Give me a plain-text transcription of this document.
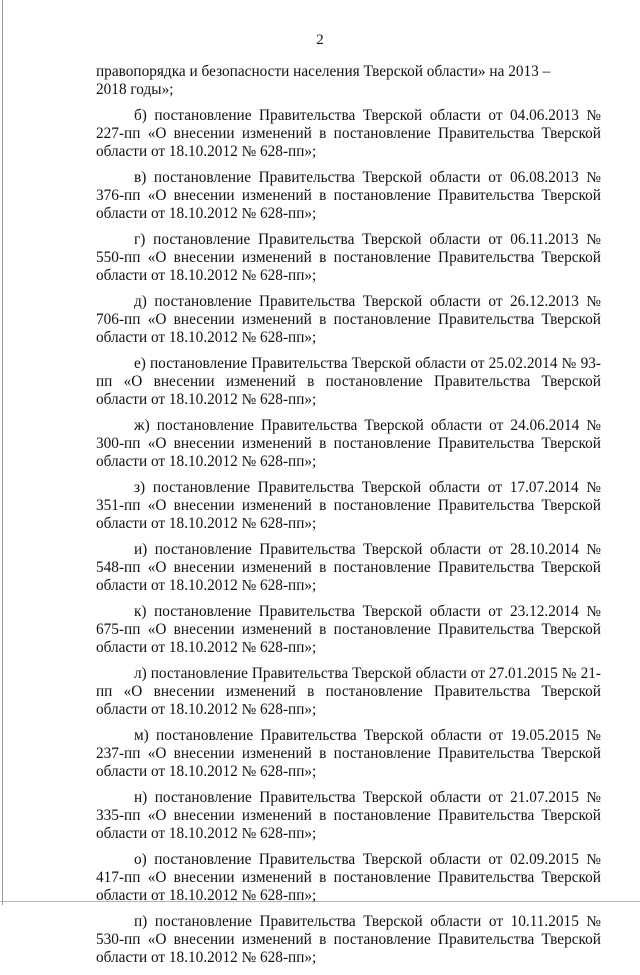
2

правопорядка и безопасности населения Тверской области» на 2013 –
2018 годы»;

б) постановление Правительства Тверской области от 04.06.2013 № 227-пп «О внесении изменений в постановление Правительства Тверской области от 18.10.2012 № 628-пп»;

в) постановление Правительства Тверской области от 06.08.2013 № 376-пп «О внесении изменений в постановление Правительства Тверской области от 18.10.2012 № 628-пп»;

г) постановление Правительства Тверской области от 06.11.2013 № 550-пп «О внесении изменений в постановление Правительства Тверской области от 18.10.2012 № 628-пп»;

д) постановление Правительства Тверской области от 26.12.2013 № 706-пп «О внесении изменений в постановление Правительства Тверской области от 18.10.2012 № 628-пп»;

е) постановление Правительства Тверской области от 25.02.2014 № 93-пп «О внесении изменений в постановление Правительства Тверской области от 18.10.2012 № 628-пп»;

ж) постановление Правительства Тверской области от 24.06.2014 № 300-пп «О внесении изменений в постановление Правительства Тверской области от 18.10.2012 № 628-пп»;

з) постановление Правительства Тверской области от 17.07.2014 № 351-пп «О внесении изменений в постановление Правительства Тверской области от 18.10.2012 № 628-пп»;

и) постановление Правительства Тверской области от 28.10.2014 № 548-пп «О внесении изменений в постановление Правительства Тверской области от 18.10.2012 № 628-пп»;

к) постановление Правительства Тверской области от 23.12.2014 № 675-пп «О внесении изменений в постановление Правительства Тверской области от 18.10.2012 № 628-пп»;

л) постановление Правительства Тверской области от 27.01.2015 № 21-пп «О внесении изменений в постановление Правительства Тверской области от 18.10.2012 № 628-пп»;

м) постановление Правительства Тверской области от 19.05.2015 № 237-пп «О внесении изменений в постановление Правительства Тверской области от 18.10.2012 № 628-пп»;

н) постановление Правительства Тверской области от 21.07.2015 № 335-пп «О внесении изменений в постановление Правительства Тверской области от 18.10.2012 № 628-пп»;

о) постановление Правительства Тверской области от 02.09.2015 № 417-пп «О внесении изменений в постановление Правительства Тверской области от 18.10.2012 № 628-пп»;

п) постановление Правительства Тверской области от 10.11.2015 № 530-пп «О внесении изменений в постановление Правительства Тверской области от 18.10.2012 № 628-пп»;
